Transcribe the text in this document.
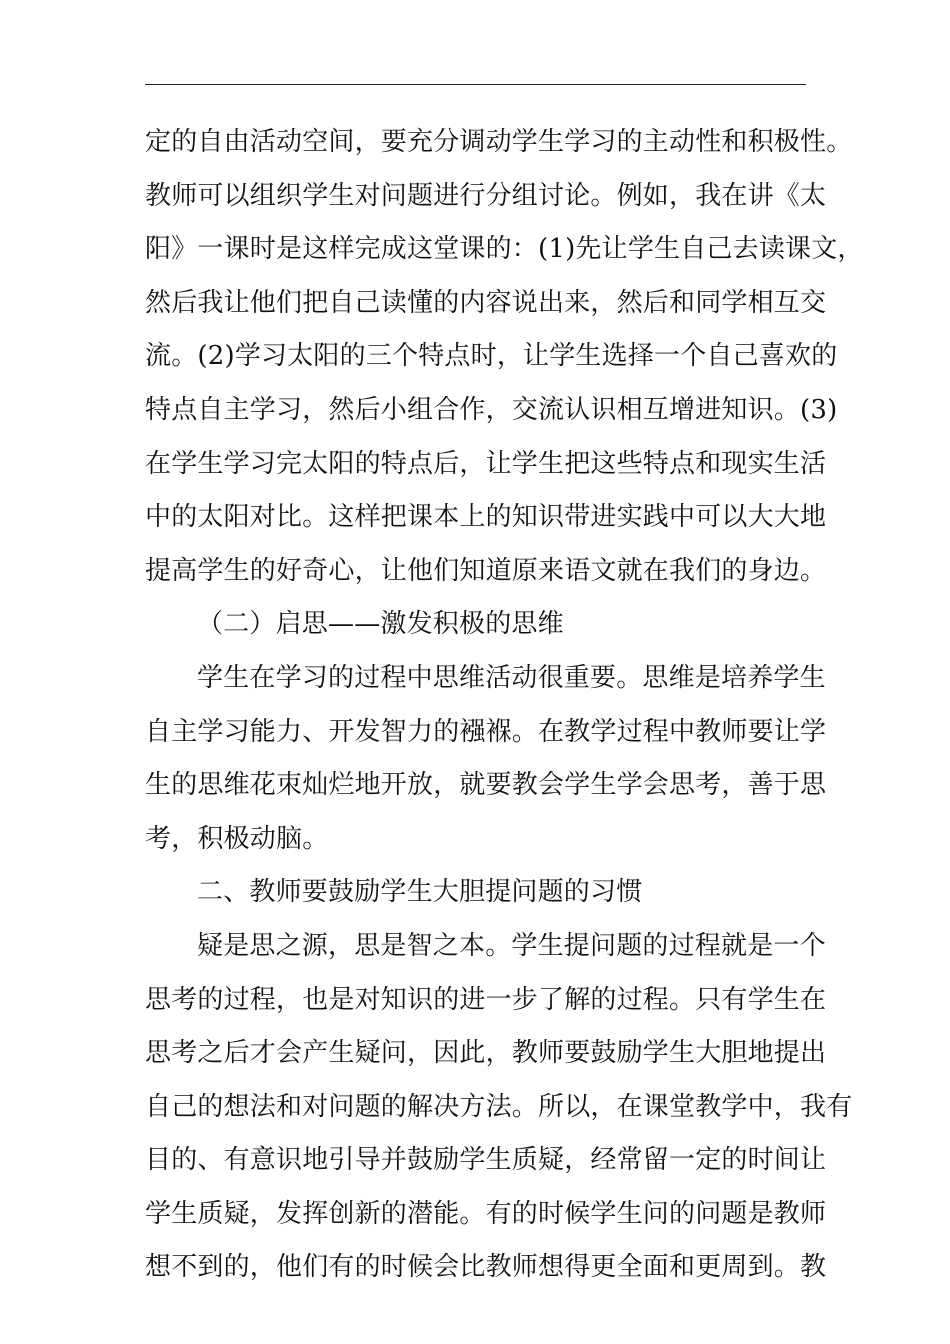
定的自由活动空间，要充分调动学生学习的主动性和积极性。
教师可以组织学生对问题进行分组讨论。例如，我在讲《太
阳》一课时是这样完成这堂课的：(1)先让学生自己去读课文，
然后我让他们把自己读懂的内容说出来，然后和同学相互交
流。(2)学习太阳的三个特点时，让学生选择一个自己喜欢的
特点自主学习，然后小组合作，交流认识相互增进知识。(3)
在学生学习完太阳的特点后，让学生把这些特点和现实生活
中的太阳对比。这样把课本上的知识带进实践中可以大大地
提高学生的好奇心，让他们知道原来语文就在我们的身边。
（二）启思——激发积极的思维
学生在学习的过程中思维活动很重要。思维是培养学生
自主学习能力、开发智力的襁褓。在教学过程中教师要让学
生的思维花朿灿烂地开放，就要教会学生学会思考，善于思
考，积极动脑。
二、教师要鼓励学生大胆提问题的习惯
疑是思之源，思是智之本。学生提问题的过程就是一个
思考的过程，也是对知识的进一步了解的过程。只有学生在
思考之后才会产生疑问，因此，教师要鼓励学生大胆地提出
自己的想法和对问题的解决方法。所以，在课堂教学中，我有
目的、有意识地引导并鼓励学生质疑，经常留一定的时间让
学生质疑，发挥创新的潜能。有的时候学生问的问题是教师
想不到的，他们有的时候会比教师想得更全面和更周到。教
